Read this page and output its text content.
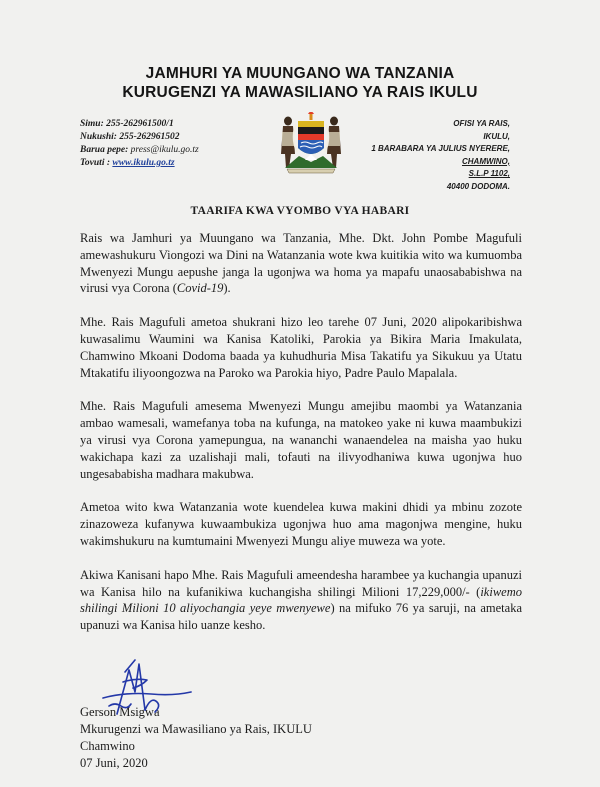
JAMHURI YA MUUNGANO WA TANZANIA
KURUGENZI YA MAWASILIANO YA RAIS IKULU
Simu: 255-262961500/1
Nukushi: 255-262961502
Barua pepe: press@ikulu.go.tz
Tovuti : www.ikulu.go.tz
OFISI YA RAIS,
IKULU,
1 BARABARA YA JULIUS NYERERE,
CHAMWINO,
S.L.P 1102,
40400 DODOMA.
TAARIFA KWA VYOMBO VYA HABARI

Rais wa Jamhuri ya Muungano wa Tanzania, Mhe. Dkt. John Pombe Magufuli amewashukuru Viongozi wa Dini na Watanzania wote kwa kuitikia wito wa kumuomba Mwenyezi Mungu aepushe janga la ugonjwa wa homa ya mapafu unaosababishwa na virusi vya Corona (Covid-19).

Mhe. Rais Magufuli ametoa shukrani hizo leo tarehe 07 Juni, 2020 alipokaribishwa kuwasalimu Waumini wa Kanisa Katoliki, Parokia ya Bikira Maria Imakulata, Chamwino Mkoani Dodoma baada ya kuhudhuria Misa Takatifu ya Sikukuu ya Utatu Mtakatifu iliyoongozwa na Paroko wa Parokia hiyo, Padre Paulo Mapalala.

Mhe. Rais Magufuli amesema Mwenyezi Mungu amejibu maombi ya Watanzania ambao wamesali, wamefanya toba na kufunga, na matokeo yake ni kuwa maambukizi ya virusi vya Corona yamepungua, na wananchi wanaendelea na maisha yao huku wakichapa kazi za uzalishaji mali, tofauti na ilivyodhaniwa kuwa ugonjwa huo ungesababisha madhara makubwa.

Ametoa wito kwa Watanzania wote kuendelea kuwa makini dhidi ya mbinu zozote zinazoweza kufanywa kuwaambukiza ugonjwa huo ama magonjwa mengine, huku wakimshukuru na kumtumaini Mwenyezi Mungu aliye muweza wa yote.

Akiwa Kanisani hapo Mhe. Rais Magufuli ameendesha harambee ya kuchangia upanuzi wa Kanisa hilo na kufanikiwa kuchangisha shilingi Milioni 17,229,000/- (ikiwemo shilingi Milioni 10 aliyochangia yeye mwenyewe) na mifuko 76 ya saruji, na ametaka upanuzi wa Kanisa hilo uanze kesho.

Gerson Msigwa
Mkurugenzi wa Mawasiliano ya Rais, IKULU
Chamwino
07 Juni, 2020
